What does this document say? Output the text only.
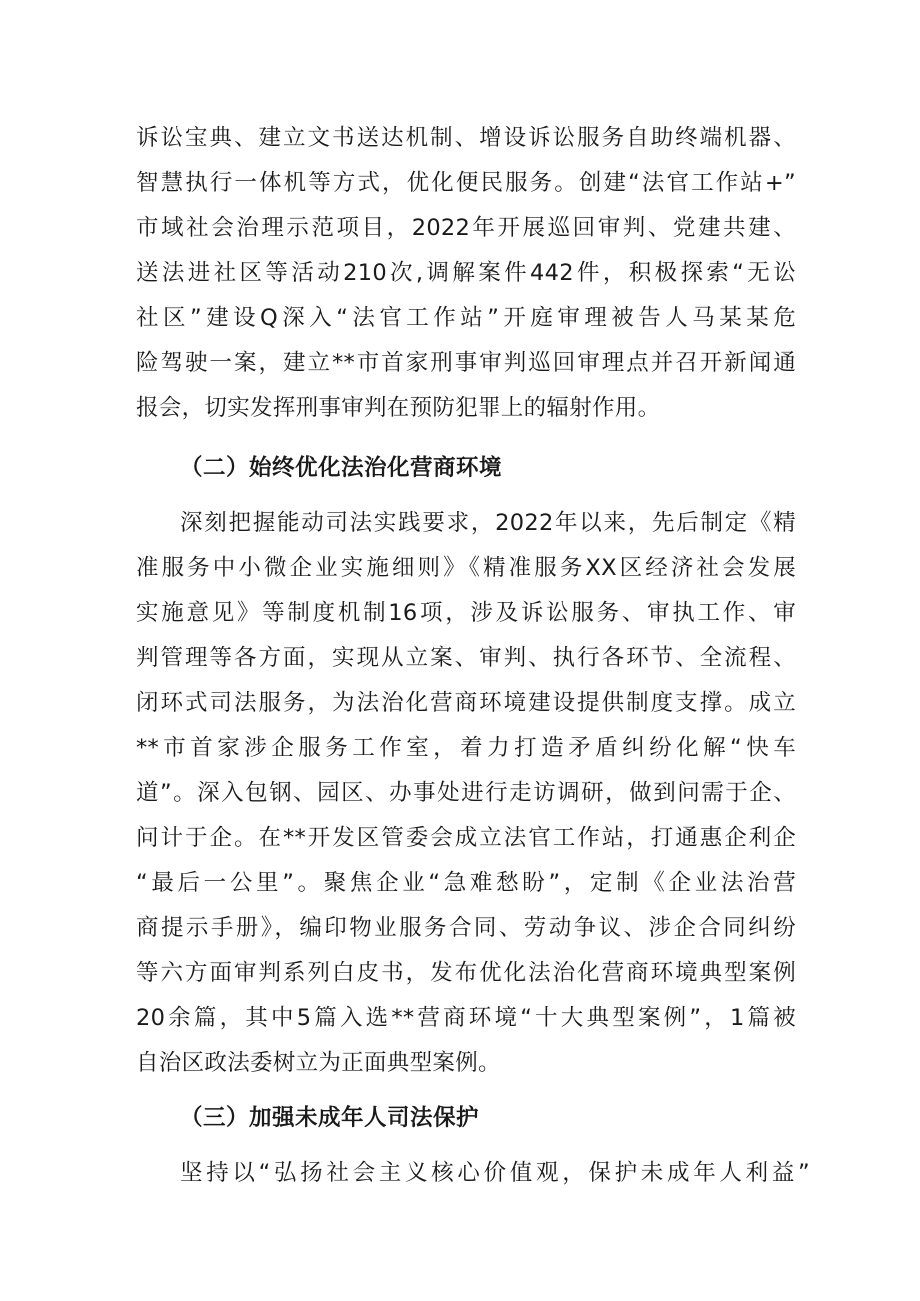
诉讼宝典、建立文书送达机制、增设诉讼服务自助终端机器、
智慧执行一体机等方式，优化便民服务。创建“法官工作站+”
市域社会治理示范项目，2022年开展巡回审判、党建共建、
送法进社区等活动210次,调解案件442件，积极探索“无讼
社区”建设Q深入“法官工作站”开庭审理被告人马某某危
险驾驶一案，建立**市首家刑事审判巡回审理点并召开新闻通
报会，切实发挥刑事审判在预防犯罪上的辐射作用。
（二）始终优化法治化营商环境
深刻把握能动司法实践要求，2022年以来，先后制定《精
准服务中小微企业实施细则》《精准服务XX区经济社会发展
实施意见》等制度机制16项，涉及诉讼服务、审执工作、审
判管理等各方面，实现从立案、审判、执行各环节、全流程、
闭环式司法服务，为法治化营商环境建设提供制度支撑。成立
**市首家涉企服务工作室，着力打造矛盾纠纷化解“快车
道”。深入包钢、园区、办事处进行走访调研，做到问需于企、
问计于企。在**开发区管委会成立法官工作站，打通惠企利企
“最后一公里”。聚焦企业“急难愁盼”，定制《企业法治营
商提示手册》，编印物业服务合同、劳动争议、涉企合同纠纷
等六方面审判系列白皮书，发布优化法治化营商环境典型案例
20余篇，其中5篇入选**营商环境“十大典型案例”，1篇被
自治区政法委树立为正面典型案例。
（三）加强未成年人司法保护
坚持以“弘扬社会主义核心价值观，保护未成年人利益”
